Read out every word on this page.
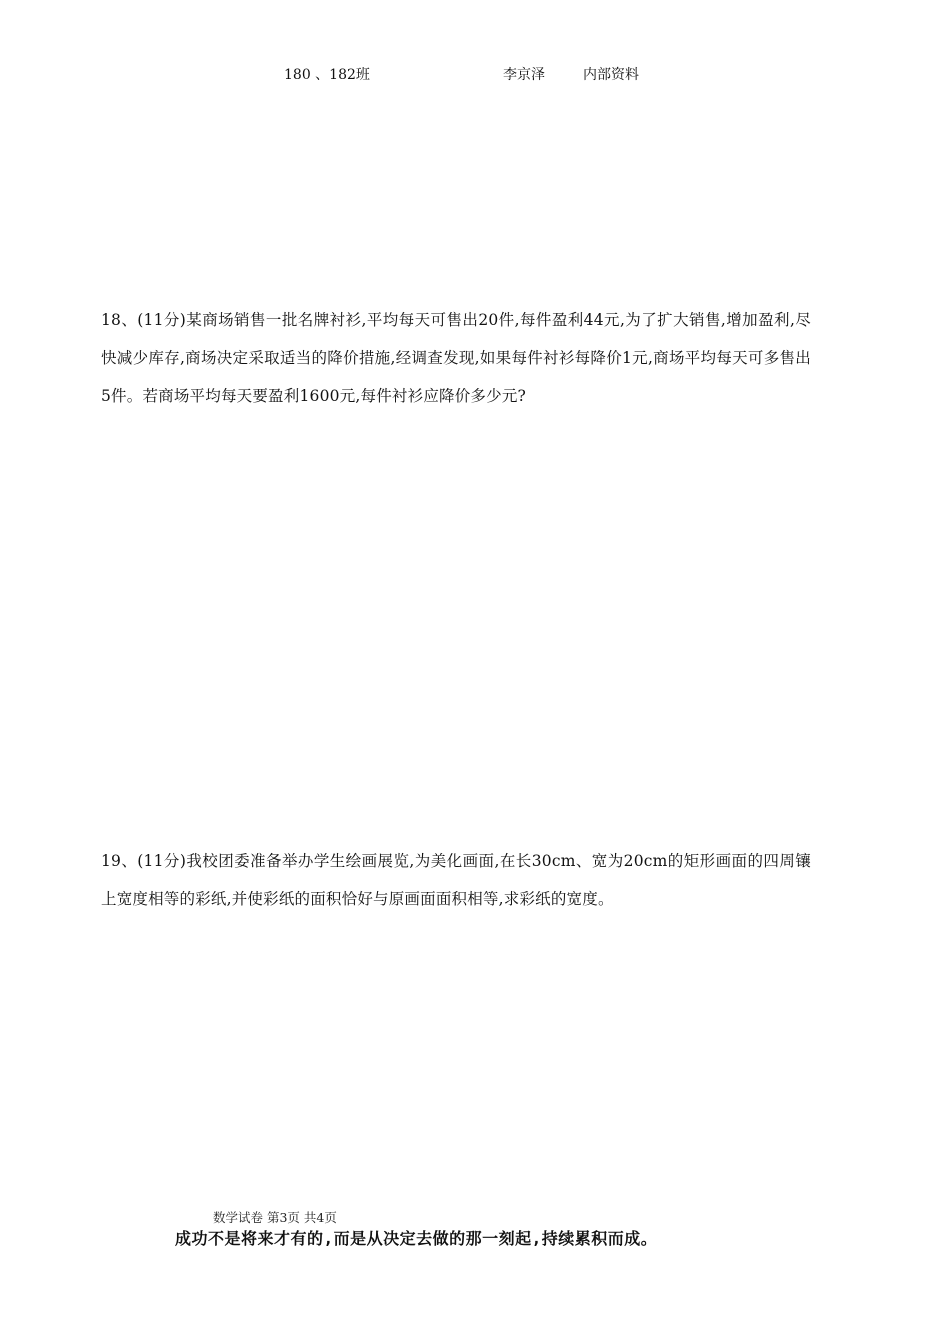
180 、182班	李京泽	内部资料
18、(11分)某商场销售一批名牌衬衫,平均每天可售出20件,每件盈利44元,为了扩大销售,增加盈利,尽快减少库存,商场决定采取适当的降价措施,经调查发现,如果每件衬衫每降价1元,商场平均每天可多售出5件。若商场平均每天要盈利1600元,每件衬衫应降价多少元?
19、(11分)我校团委准备举办学生绘画展览,为美化画面,在长30cm、宽为20cm的矩形画面的四周镶上宽度相等的彩纸,并使彩纸的面积恰好与原画面面积相等,求彩纸的宽度。
数学试卷 第3页 共4页
成功不是将来才有的,而是从决定去做的那一刻起,持续累积而成。
